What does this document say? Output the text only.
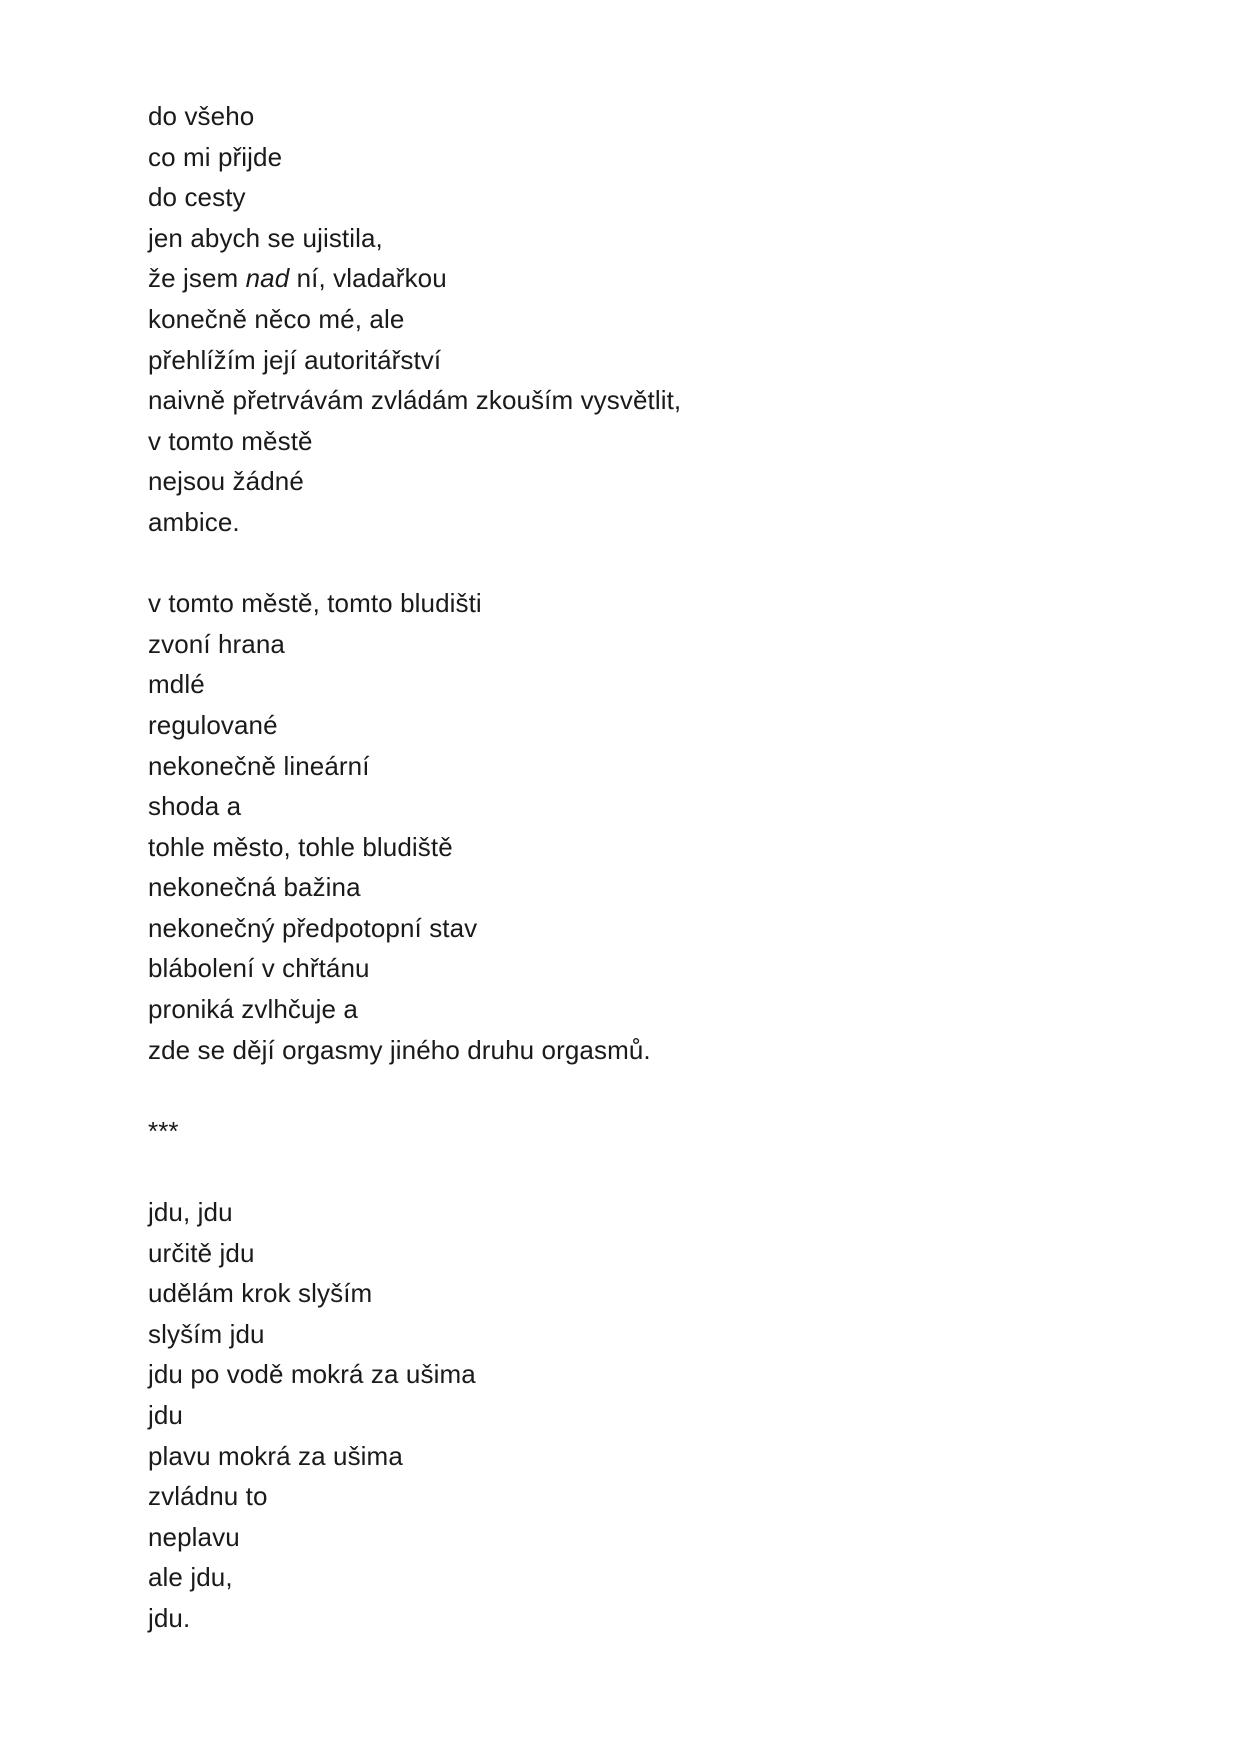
do všeho
co mi přijde
do cesty
jen abych se ujistila,
že jsem nad ní, vladařkou
konečně něco mé, ale
přehlížím její autoritářství
naivně přetrvávám zvládám zkouším vysvětlit,
v tomto městě
nejsou žádné
ambice.
v tomto městě, tomto bludišti
zvoní hrana
mdlé
regulované
nekonečně lineární
shoda a
tohle město, tohle bludiště
nekonečná bažina
nekonečný předpotopní stav
blábolení v chřtánu
proniká zvlhčuje a
zde se dějí orgasmy jiného druhu orgasmů.
***
jdu, jdu
určitě jdu
udělám krok slyším
slyším jdu
jdu po vodě mokrá za ušima
jdu
plavu mokrá za ušima
zvládnu to
neplavu
ale jdu,
jdu.
